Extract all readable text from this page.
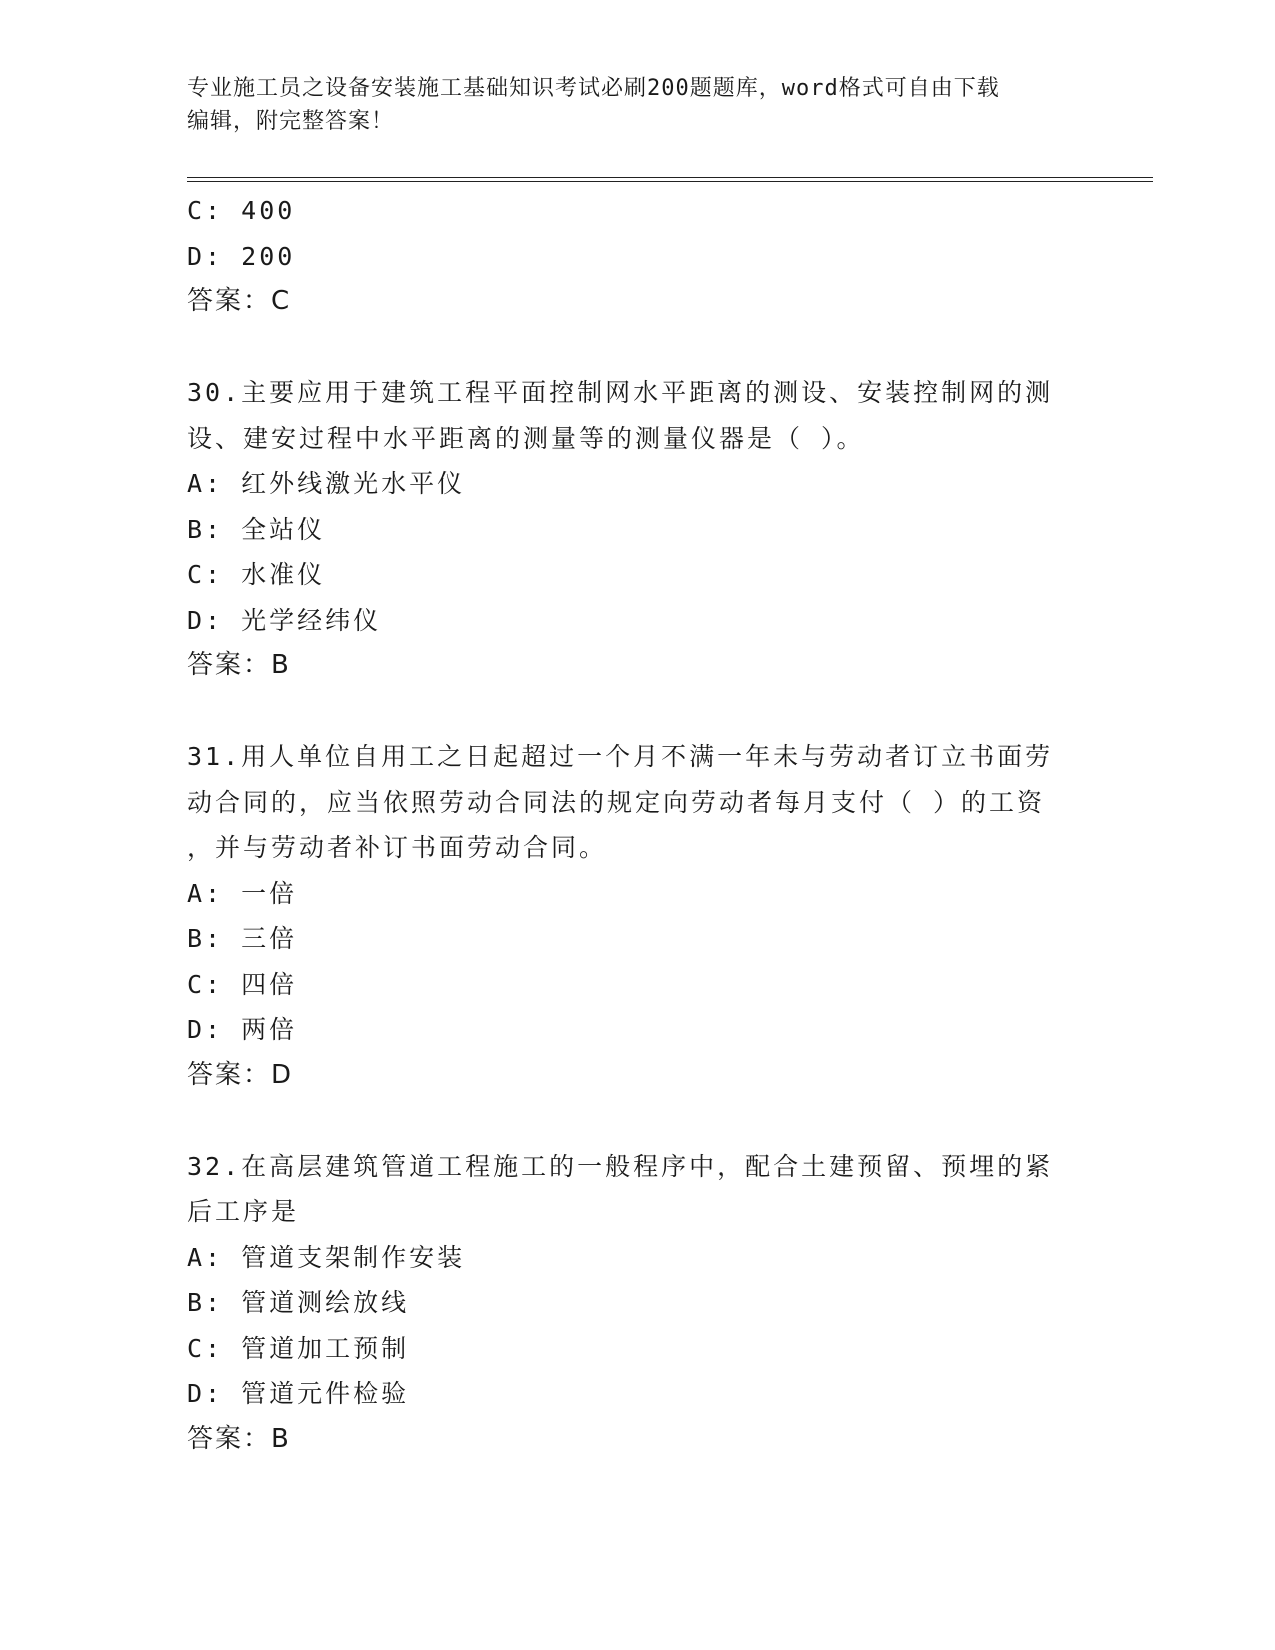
专业施工员之设备安装施工基础知识考试必刷200题题库，word格式可自由下载
编辑，附完整答案！
C: 400
D: 200
答案：C
30.主要应用于建筑工程平面控制网水平距离的测设、安装控制网的测
设、建安过程中水平距离的测量等的测量仪器是（ ）。
A: 红外线激光水平仪
B: 全站仪
C: 水准仪
D: 光学经纬仪
答案：B
31.用人单位自用工之日起超过一个月不满一年未与劳动者订立书面劳
动合同的，应当依照劳动合同法的规定向劳动者每月支付（ ）的工资
，并与劳动者补订书面劳动合同。
A: 一倍
B: 三倍
C: 四倍
D: 两倍
答案：D
32.在高层建筑管道工程施工的一般程序中，配合土建预留、预埋的紧
后工序是
A: 管道支架制作安装
B: 管道测绘放线
C: 管道加工预制
D: 管道元件检验
答案：B
